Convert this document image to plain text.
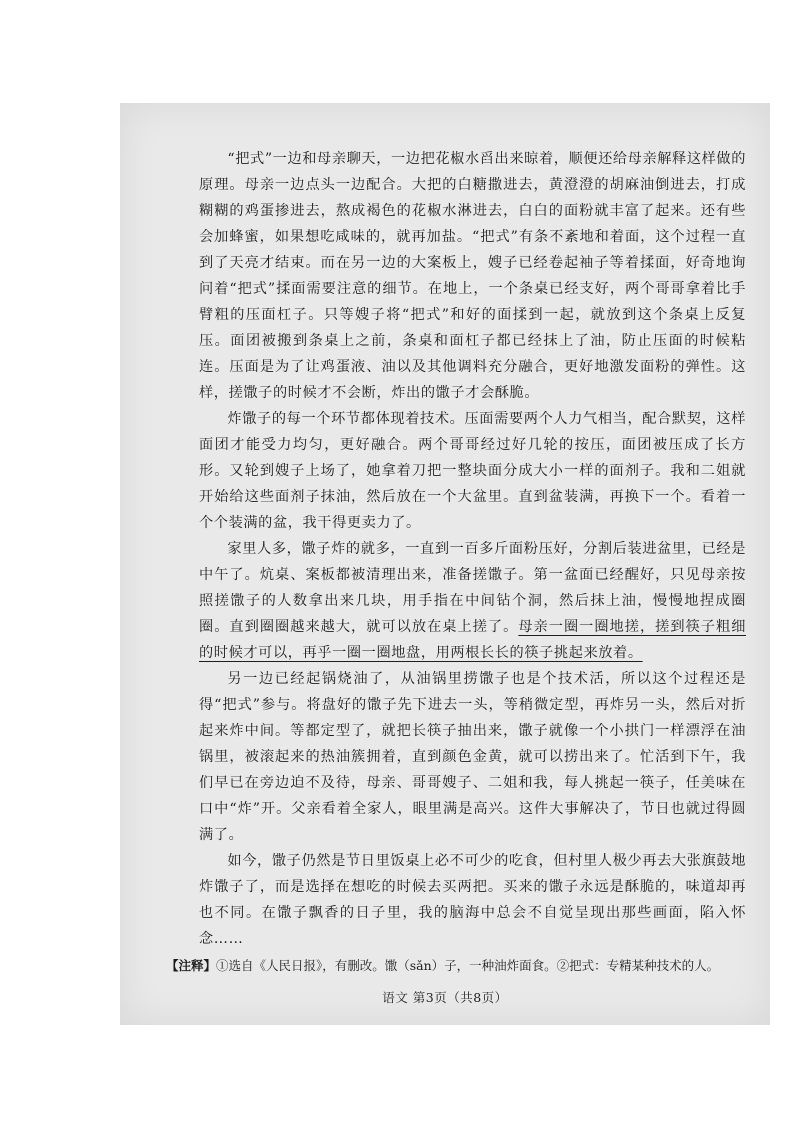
“把式”一边和母亲聊天，一边把花椒水舀出来晾着，顺便还给母亲解释这样做的原理。母亲一边点头一边配合。大把的白糖撒进去，黄澄澄的胡麻油倒进去，打成糊糊的鸡蛋掺进去，熬成褐色的花椒水淋进去，白白的面粉就丰富了起来。还有些会加蜂蜜，如果想吃咸味的，就再加盐。“把式”有条不紊地和着面，这个过程一直到了天亮才结束。而在另一边的大案板上，嫂子已经卷起袖子等着揉面，好奇地询问着“把式”揉面需要注意的细节。在地上，一个条桌已经支好，两个哥哥拿着比手臂粗的压面杠子。只等嫂子将“把式”和好的面揉到一起，就放到这个条桌上反复压。面团被搬到条桌上之前，条桌和面杠子都已经抹上了油，防止压面的时候粘连。压面是为了让鸡蛋液、油以及其他调料充分融合，更好地激发面粉的弹性。这样，搓馓子的时候才不会断，炸出的馓子才会酥脆。

炸馓子的每一个环节都体现着技术。压面需要两个人力气相当，配合默契，这样面团才能受力均匀，更好融合。两个哥哥经过好几轮的按压，面团被压成了长方形。又轮到嫂子上场了，她拿着刀把一整块面分成大小一样的面剂子。我和二姐就开始给这些面剂子抹油，然后放在一个大盆里。直到盆装满，再换下一个。看着一个个装满的盆，我干得更卖力了。

家里人多，馓子炸的就多，一直到一百多斤面粉压好，分割后装进盆里，已经是中午了。炕桌、案板都被清理出来，准备搓馓子。第一盆面已经醒好，只见母亲按照搓馓子的人数拿出来几块，用手指在中间钻个洞，然后抹上油，慢慢地捏成圈圈。直到圈圈越来越大，就可以放在桌上搓了。母亲一圈一圈地搓，搓到筷子粗细的时候才可以，再乎一圈一圈地盘，用两根长长的筷子挑起来放着。

另一边已经起锅烧油了，从油锅里捞馓子也是个技术活，所以这个过程还是得“把式”参与。将盘好的馓子先下进去一头，等稍微定型，再炸另一头，然后对折起来炸中间。等都定型了，就把长筷子抽出来，馓子就像一个小拱门一样漂浮在油锅里，被滚起来的热油簇拥着，直到颜色金黄，就可以捞出来了。忙活到下午，我们早已在旁边迫不及待，母亲、哥哥嫂子、二姐和我，每人挑起一筷子，任美味在口中“炸”开。父亲看着全家人，眼里满是高兴。这件大事解决了，节日也就过得圆满了。

如今，馓子仍然是节日里饭桌上必不可少的吃食，但村里人极少再去大张旗鼓地炸馓子了，而是选择在想吃的时候去买两把。买来的馓子永远是酥脆的，味道却再也不同。在馓子飘香的日子里，我的脑海中总会不自觉呈现出那些画面，陷入怀念……

【注释】①选自《人民日报》，有删改。馓（sǎn）子，一种油炸面食。②把式：专精某种技术的人。
语文 第3页（共8页）
